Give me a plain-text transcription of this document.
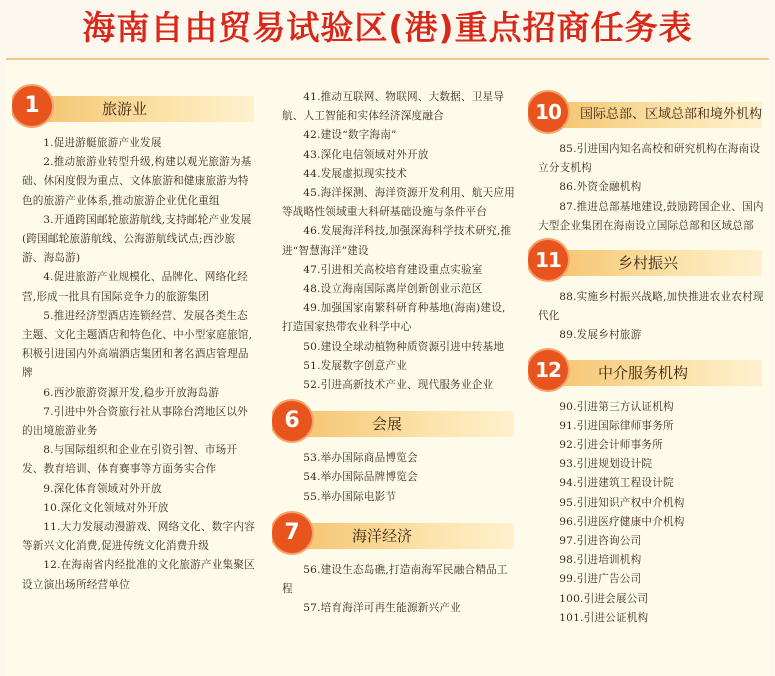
海南自由贸易试验区(港)重点招商任务表
旅游业
1

1.促进游艇旅游产业发展

2.推动旅游业转型升级,构建以观光旅游为基础、休闲度假为重点、文体旅游和健康旅游为特色的旅游产业体系,推动旅游企业优化重组

3.开通跨国邮轮旅游航线,支持邮轮产业发展(跨国邮轮旅游航线、公海游航线试点;西沙旅游、海岛游)

4.促进旅游产业规模化、品牌化、网络化经营,形成一批具有国际竞争力的旅游集团

5.推进经济型酒店连锁经营、发展各类生态主题、文化主题酒店和特色化、中小型家庭旅馆,积极引进国内外高端酒店集团和著名酒店管理品牌

6.西沙旅游资源开发,稳步开放海岛游

7.引进中外合资旅行社从事除台湾地区以外的出境旅游业务

8.与国际组织和企业在引资引智、市场开发、教育培训、体育赛事等方面务实合作

9.深化体育领域对外开放

10.深化文化领域对外开放

11.大力发展动漫游戏、网络文化、数字内容等新兴文化消费,促进传统文化消费升级

12.在海南省内经批准的文化旅游产业集聚区设立演出场所经营单位

41.推动互联网、物联网、大数据、卫星导航、人工智能和实体经济深度融合

42.建设“数字海南”

43.深化电信领域对外开放

44.发展虚拟现实技术

45.海洋探测、海洋资源开发利用、航天应用等战略性领域重大科研基础设施与条件平台

46.发展海洋科技,加强深海科学技术研究,推进“智慧海洋”建设

47.引进相关高校培育建设重点实验室

48.设立海南国际离岸创新创业示范区

49.加强国家南繁科研育种基地(海南)建设,打造国家热带农业科学中心

50.建设全球动植物种质资源引进中转基地

51.发展数字创意产业

52.引进高新技术产业、现代服务业企业

会展
6

53.举办国际商品博览会

54.举办国际品牌博览会

55.举办国际电影节

海洋经济
7

56.建设生态岛礁,打造南海军民融合精品工程

57.培育海洋可再生能源新兴产业

国际总部、区域总部和境外机构
10

85.引进国内知名高校和研究机构在海南设立分支机构

86.外资金融机构

87.推进总部基地建设,鼓励跨国企业、国内大型企业集团在海南设立国际总部和区域总部

乡村振兴
11

88.实施乡村振兴战略,加快推进农业农村现代化

89.发展乡村旅游

中介服务机构
12

90.引进第三方认证机构

91.引进国际律师事务所

92.引进会计师事务所

93.引进规划设计院

94.引进建筑工程设计院

95.引进知识产权中介机构

96.引进医疗健康中介机构

97.引进咨询公司

98.引进培训机构

99.引进广告公司

100.引进会展公司

101.引进公证机构
